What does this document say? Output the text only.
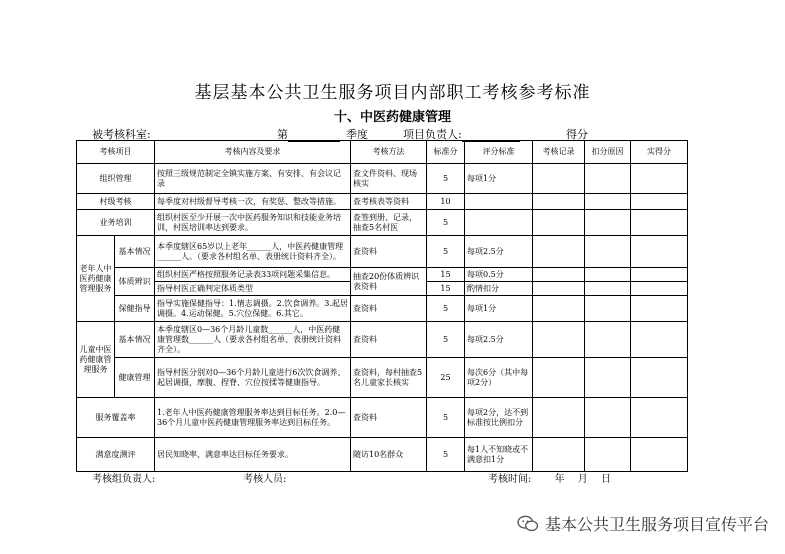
基层基本公共卫生服务项目内部职工考核参考标准
十、中医药健康管理
被考核科室:	第	季度	项目负责人:	得分
考核项目		考核内容及要求	考核方法	标准分	评分标准	考核记录	扣分原因	实得分
组织管理		按照三级规范制定全镇实施方案、有安排、有会议记录	查文件资料、现场核实	5	每项1分			
村级考核		每季度对村级督导考核一次，有奖惩、整改等措施。	查考核表等资料	10				
业务培训		组织村医至少开展一次中医药服务知识和技能业务培训，村医培训率达到要求。	查签到册、记录，抽查5名村医	5				
老年人中医药健康管理服务	基本情况	本季度辖区65岁以上老年______人，中医药健康管理______人。（要求各村组名单、表册统计资料齐全）。	查资料	5	每项2.5分			
	体质辨识	组织村医严格按照服务记录表33项问题采集信息。	抽查20份体质辨识表资料	15	每项0.5分			
		指导村医正确判定体质类型		15	酌情扣分			
	保健指导	指导实施保健指导：1.情志调摄。2.饮食调养。3.起居调摄。4.运动保健。5.穴位保健。6.其它。	查资料	5	每项1分			
儿童中医药健康管理服务	基本情况	本季度辖区0—36个月龄儿童数______人，中医药健康管理数______人（要求各村组名单、表册统计资料齐全）。	查资料	5	每项2.5分			
	健康管理	指导村医分别对0—36个月龄儿童进行6次饮食调养、起居调摄，摩腹、捏脊、穴位按揉等健康指导。	查资料，每村抽查5名儿童家长核实	25	每次6分（其中每项2分）			
服务覆盖率		1.老年人中医药健康管理服务率达到目标任务。2.0—36个月儿童中医药健康管理服务率达到目标任务。	查资料	5	每项2分，达不到标准按比例扣分			
满意度测评		居民知晓率、满意率达目标任务要求。	随访10名群众	5	每1人不知晓或不满意扣1分			
考核组负责人:	考核人员:	考核时间: 年 月 日
基本公共卫生服务项目宣传平台
